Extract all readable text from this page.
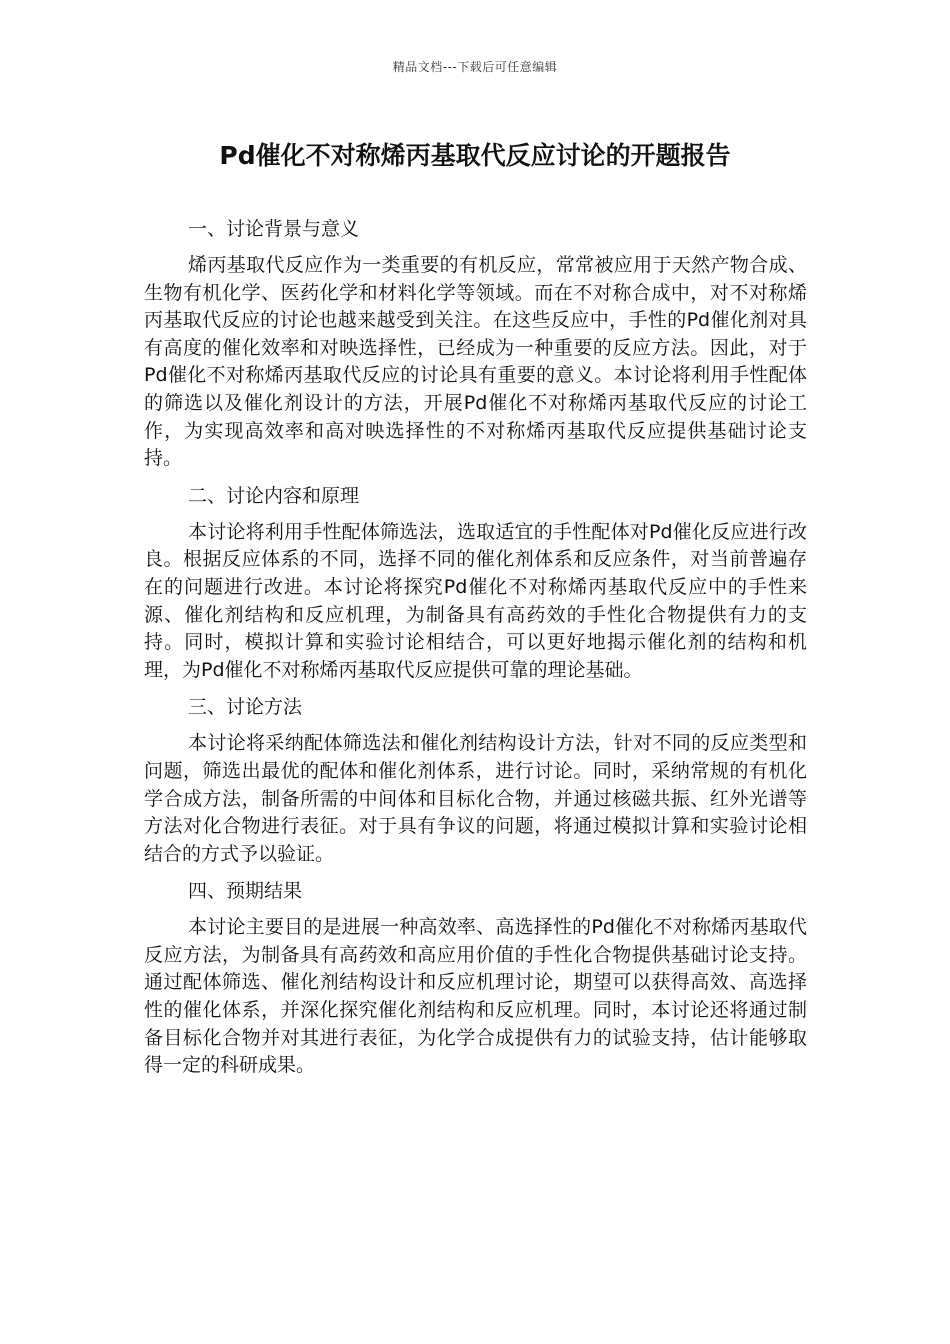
精品文档---下载后可任意编辑
Pd催化不对称烯丙基取代反应讨论的开题报告
一、讨论背景与意义

烯丙基取代反应作为一类重要的有机反应，常常被应用于天然产物合成、生物有机化学、医药化学和材料化学等领域。而在不对称合成中，对不对称烯丙基取代反应的讨论也越来越受到关注。在这些反应中，手性的Pd催化剂对具有高度的催化效率和对映选择性，已经成为一种重要的反应方法。因此，对于Pd催化不对称烯丙基取代反应的讨论具有重要的意义。本讨论将利用手性配体的筛选以及催化剂设计的方法，开展Pd催化不对称烯丙基取代反应的讨论工作，为实现高效率和高对映选择性的不对称烯丙基取代反应提供基础讨论支持。

二、讨论内容和原理

本讨论将利用手性配体筛选法，选取适宜的手性配体对Pd催化反应进行改良。根据反应体系的不同，选择不同的催化剂体系和反应条件，对当前普遍存在的问题进行改进。本讨论将探究Pd催化不对称烯丙基取代反应中的手性来源、催化剂结构和反应机理，为制备具有高药效的手性化合物提供有力的支持。同时，模拟计算和实验讨论相结合，可以更好地揭示催化剂的结构和机理，为Pd催化不对称烯丙基取代反应提供可靠的理论基础。

三、讨论方法

本讨论将采纳配体筛选法和催化剂结构设计方法，针对不同的反应类型和问题，筛选出最优的配体和催化剂体系，进行讨论。同时，采纳常规的有机化学合成方法，制备所需的中间体和目标化合物，并通过核磁共振、红外光谱等方法对化合物进行表征。对于具有争议的问题，将通过模拟计算和实验讨论相结合的方式予以验证。

四、预期结果

本讨论主要目的是进展一种高效率、高选择性的Pd催化不对称烯丙基取代反应方法，为制备具有高药效和高应用价值的手性化合物提供基础讨论支持。通过配体筛选、催化剂结构设计和反应机理讨论，期望可以获得高效、高选择性的催化体系，并深化探究催化剂结构和反应机理。同时，本讨论还将通过制备目标化合物并对其进行表征，为化学合成提供有力的试验支持，估计能够取得一定的科研成果。
